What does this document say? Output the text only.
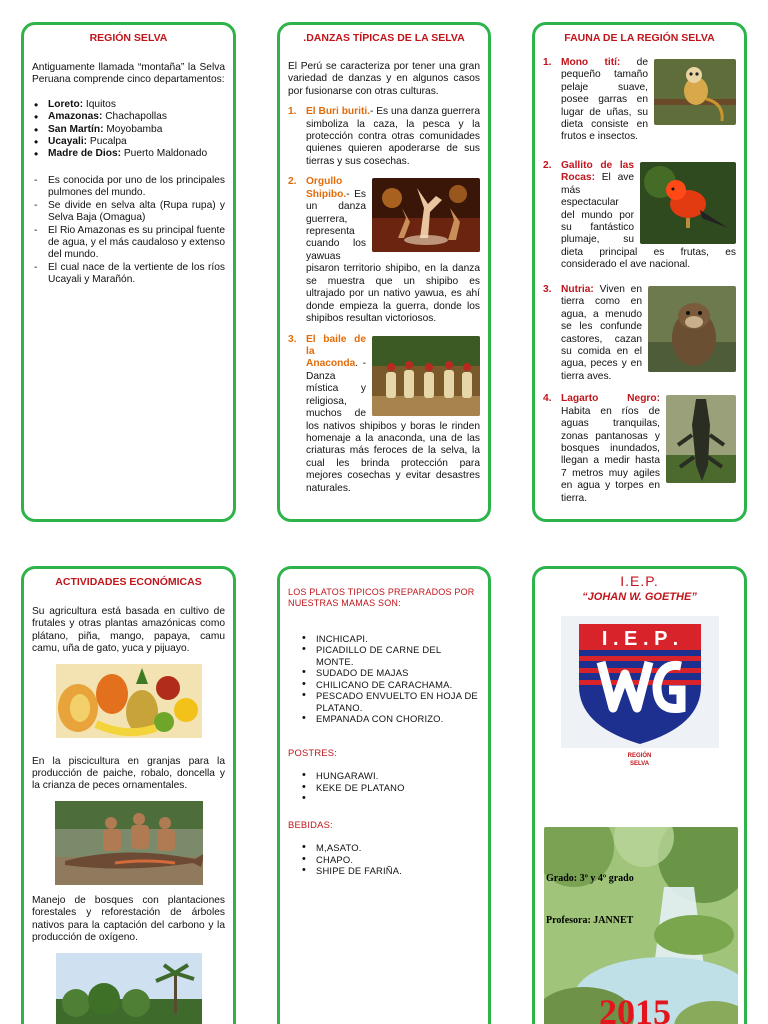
REGIÓN SELVA

Antiguamente llamada “montaña” la Selva Peruana comprende cinco departamentos:

• Loreto: Iquitos
• Amazonas: Chachapollas
• San Martín: Moyobamba
• Ucayali: Pucalpa
• Madre de Dios: Puerto Maldonado
- Es conocida por uno de los principales pulmones del mundo.
- Se divide en selva alta (Rupa rupa) y Selva Baja (Omagua)
- El Rio Amazonas es su principal fuente de agua, y el más caudaloso y extenso del mundo.
- El cual nace de la vertiente de los ríos Ucayali y Marañón.
.DANZAS TÍPICAS DE LA SELVA

El Perú se caracteriza por tener una gran variedad de danzas y en algunos casos por fusionarse con otras culturas.

1. El Buri buriti.- Es una danza guerrera simboliza la caza, la pesca y la protección contra otras comunidades quienes quieren apoderarse de sus tierras y sus cosechas.
2. Orgullo Shipibo.- Es un danza guerrera, representa cuando los yawuas pisaron territorio shipibo, en la danza se muestra que un shipibo es ultrajado por un nativo yawua, es ahí donde empieza la guerra, donde los shipibos resultan victoriosos.
3. El baile de la Anaconda. - Danza mística y religiosa, muchos de los nativos shipibos y boras le rinden homenaje a la anaconda, una de las criaturas más feroces de la selva, la cual les brinda protección para mejores cosechas y evitar desastres naturales.
FAUNA DE LA REGIÓN SELVA
1. Mono tití: de pequeño tamaño pelaje suave, posee garras en lugar de uñas, su dieta consiste en frutos e insectos.
2. Gallito de las Rocas: El ave más espectacular del mundo por su fantástico plumaje, su dieta principal es frutas, es considerado el ave nacional.
3. Nutria: Viven en tierra como en agua, a menudo se les confunde castores, cazan su comida en el agua, peces y en tierra aves.
4. Lagarto Negro: Habita en ríos de aguas tranquilas, zonas pantanosas y bosques inundados, llegan a medir hasta 7 metros muy agiles en agua y torpes en tierra.
ACTIVIDADES ECONÓMICAS

Su agricultura está basada en cultivo de frutales y otras plantas amazónicas como plátano, piña, mango, papaya, camu camu, uña de gato, yuca y pijuayo.

En la piscicultura en granjas para la producción de paiche, robalo, doncella y la crianza de peces ornamentales.

Manejo de bosques con plantaciones forestales y reforestación de árboles nativos para la captación del carbono y la producción de oxígeno.

LOS PLATOS TIPICOS PREPARADOS POR NUESTRAS MAMAS SON:
• INCHICAPI.
• PICADILLO DE CARNE DEL MONTE.
• SUDADO DE MAJAS
• CHILICANO DE CARACHAMA.
• PESCADO ENVUELTO EN HOJA DE PLATANO.
• EMPANADA CON CHORIZO.
POSTRES:
• HUNGARAWI.
• KEKE DE PLATANO
•
BEBIDAS:
• M,ASATO.
• CHAPO.
• SHIPE DE FARIÑA.
I.E.P.
“JOHAN W. GOETHE”
I . E . P .
REGIÓN
SELVA
Grado: 3º y 4º grado
Profesora: JANNET
2015
